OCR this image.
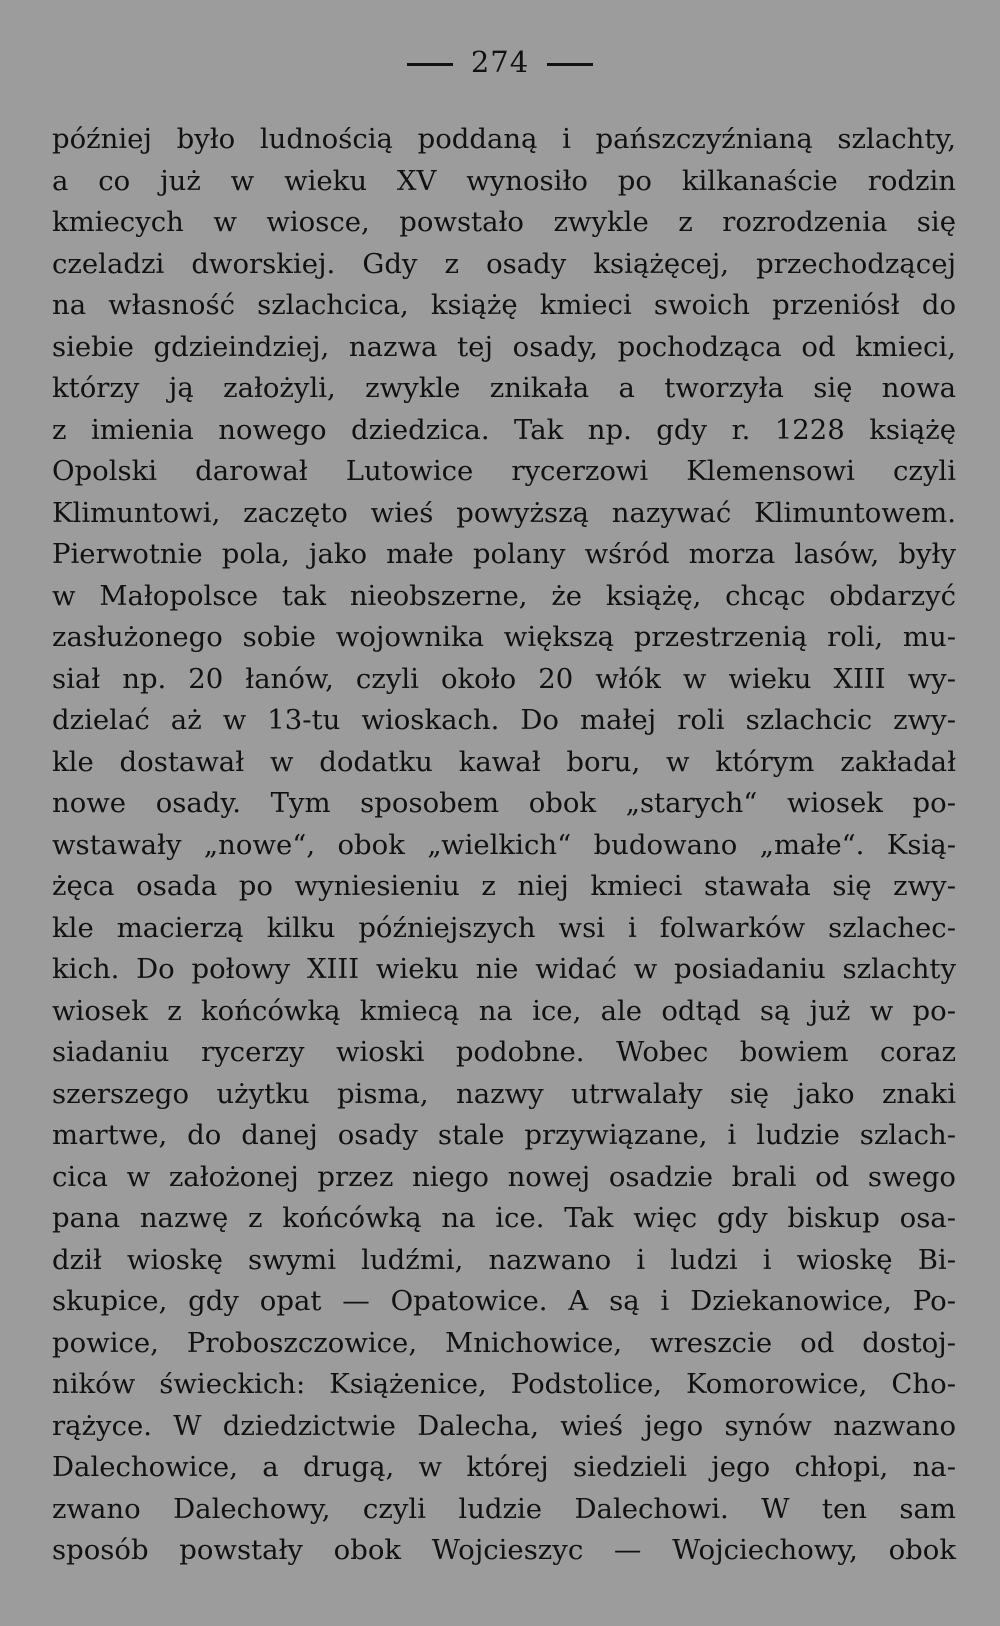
274
później było ludnością poddaną i pańszczyźnianą szlachty,
a co już w wieku XV wynosiło po kilkanaście rodzin
kmiecych w wiosce, powstało zwykle z rozrodzenia się
czeladzi dworskiej. Gdy z osady książęcej, przechodzącej
na własność szlachcica, książę kmieci swoich przeniósł do
siebie gdzieindziej, nazwa tej osady, pochodząca od kmieci,
którzy ją założyli, zwykle znikała a tworzyła się nowa
z imienia nowego dziedzica. Tak np. gdy r. 1228 książę
Opolski darował Lutowice rycerzowi Klemensowi czyli
Klimuntowi, zaczęto wieś powyższą nazywać Klimuntowem.
Pierwotnie pola, jako małe polany wśród morza lasów, były
w Małopolsce tak nieobszerne, że książę, chcąc obdarzyć
zasłużonego sobie wojownika większą przestrzenią roli, mu-
siał np. 20 łanów, czyli około 20 włók w wieku XIII wy-
dzielać aż w 13-tu wioskach. Do małej roli szlachcic zwy-
kle dostawał w dodatku kawał boru, w którym zakładał
nowe osady. Tym sposobem obok „starych“ wiosek po-
wstawały „nowe“, obok „wielkich“ budowano „małe“. Ksią-
żęca osada po wyniesieniu z niej kmieci stawała się zwy-
kle macierzą kilku późniejszych wsi i folwarków szlachec-
kich. Do połowy XIII wieku nie widać w posiadaniu szlachty
wiosek z końcówką kmiecą na ice, ale odtąd są już w po-
siadaniu rycerzy wioski podobne. Wobec bowiem coraz
szerszego użytku pisma, nazwy utrwalały się jako znaki
martwe, do danej osady stale przywiązane, i ludzie szlach-
cica w założonej przez niego nowej osadzie brali od swego
pana nazwę z końcówką na ice. Tak więc gdy biskup osa-
dził wioskę swymi ludźmi, nazwano i ludzi i wioskę Bi-
skupice, gdy opat — Opatowice. A są i Dziekanowice, Po-
powice, Proboszczowice, Mnichowice, wreszcie od dostoj-
ników świeckich: Książenice, Podstolice, Komorowice, Cho-
rążyce. W dziedzictwie Dalecha, wieś jego synów nazwano
Dalechowice, a drugą, w której siedzieli jego chłopi, na-
zwano Dalechowy, czyli ludzie Dalechowi. W ten sam
sposób powstały obok Wojcieszyc — Wojciechowy, obok
